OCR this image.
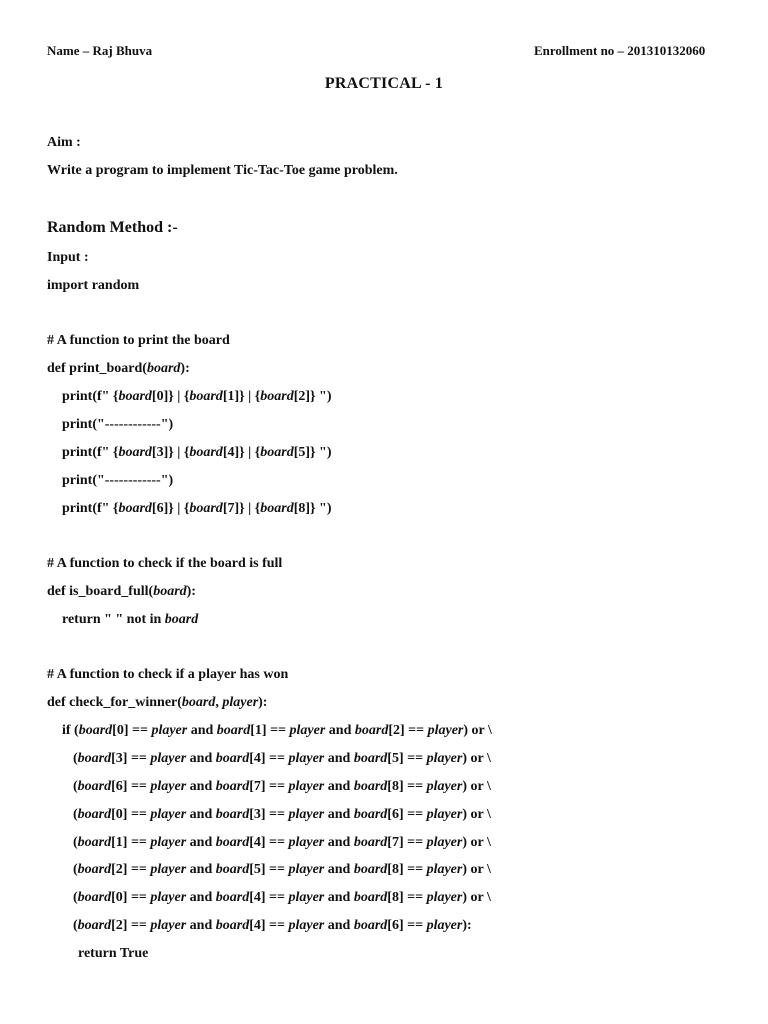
Name – Raj Bhuva	Enrollment no – 201310132060
PRACTICAL - 1
Aim :
Write a program to implement Tic-Tac-Toe game problem.
Random Method :-
Input :
import random
# A function to print the board
def print_board(board):
print(f" {board[0]} | {board[1]} | {board[2]} ")
print("------------")
print(f" {board[3]} | {board[4]} | {board[5]} ")
print("------------")
print(f" {board[6]} | {board[7]} | {board[8]} ")
# A function to check if the board is full
def is_board_full(board):
return " " not in board
# A function to check if a player has won
def check_for_winner(board, player):
if (board[0] == player and board[1] == player and board[2] == player) or \
(board[3] == player and board[4] == player and board[5] == player) or \
(board[6] == player and board[7] == player and board[8] == player) or \
(board[0] == player and board[3] == player and board[6] == player) or \
(board[1] == player and board[4] == player and board[7] == player) or \
(board[2] == player and board[5] == player and board[8] == player) or \
(board[0] == player and board[4] == player and board[8] == player) or \
(board[2] == player and board[4] == player and board[6] == player):
return True
